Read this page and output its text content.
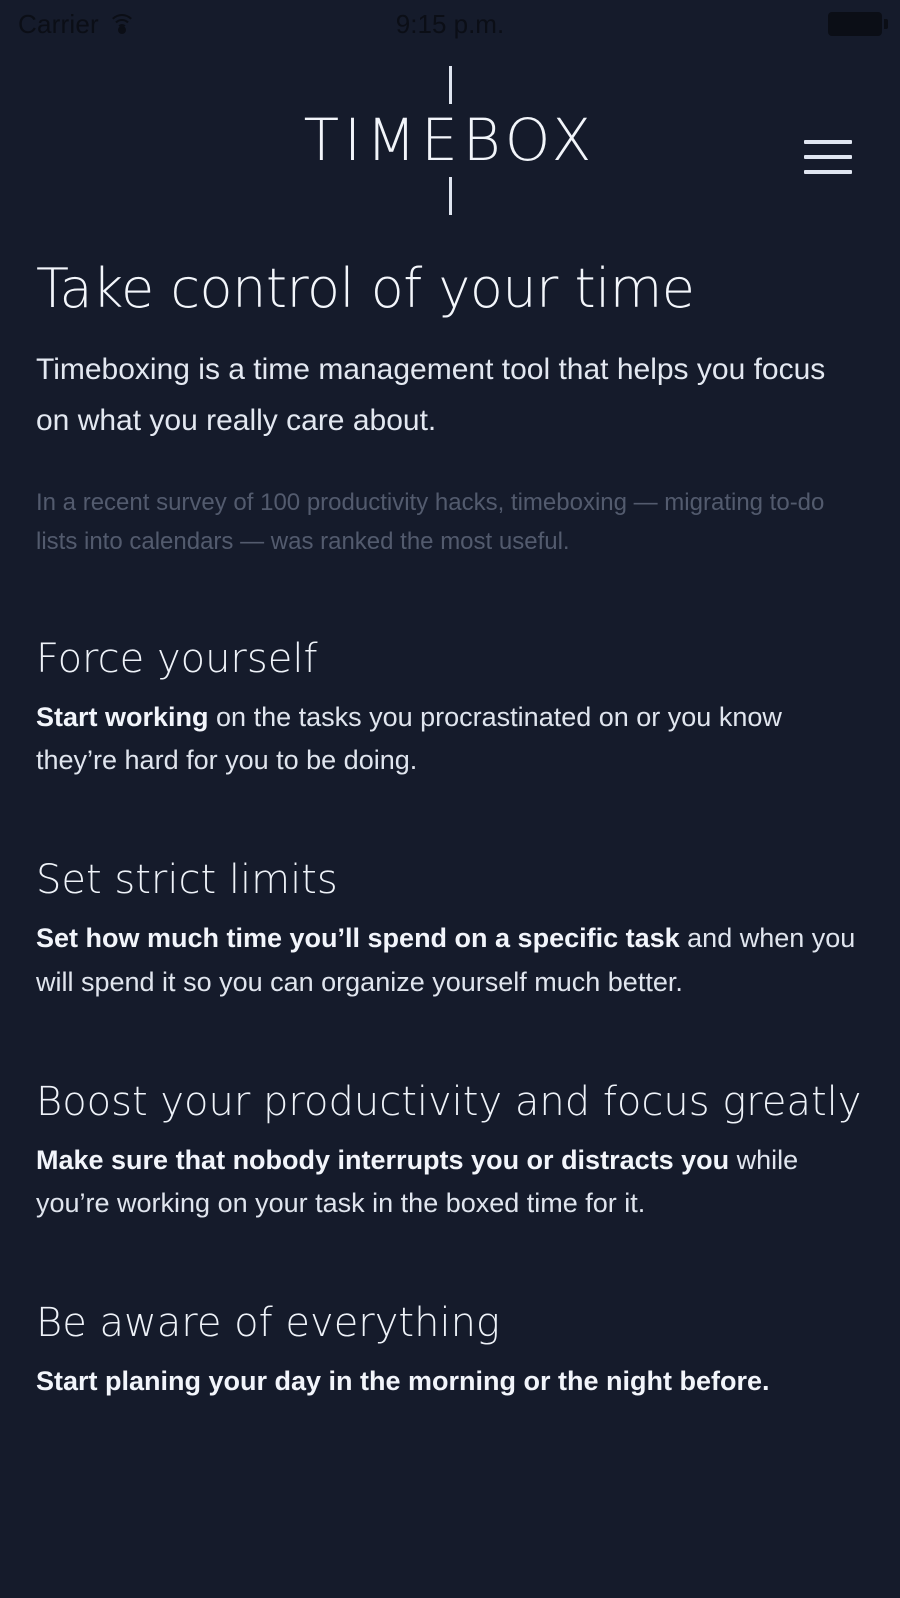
Carrier	9:15 p.m.
TIMEBOX
Take control of your time

Timeboxing is a time management tool that helps you focus on what you really care about.

In a recent survey of 100 productivity hacks, timeboxing — migrating to-do lists into calendars — was ranked the most useful.

Force yourself

Start working on the tasks you procrastinated on or you know they’re hard for you to be doing.

Set strict limits

Set how much time you’ll spend on a specific task and when you will spend it so you can organize yourself much better.

Boost your productivity and focus greatly

Make sure that nobody interrupts you or distracts you while you’re working on your task in the boxed time for it.

Be aware of everything

Start planing your day in the morning or the night before.
